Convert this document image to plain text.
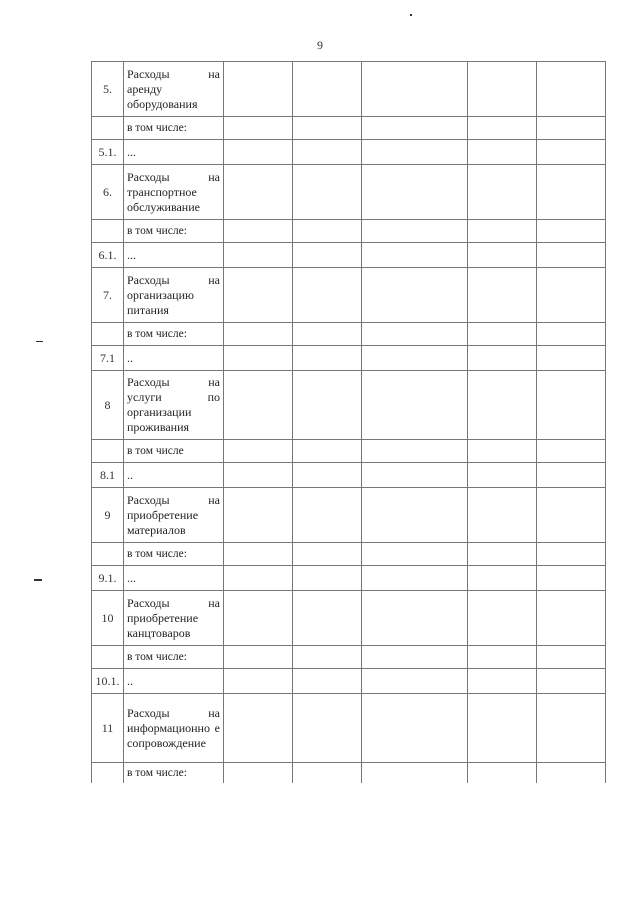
9
5.	Расходы на
аренду оборудования					

	в том числе:					
5.1.	...					
6.	Расходы на
транспортное обслуживание					

	в том числе:					
6.1.	...					
7.	Расходы на
организацию питания					

	в том числе:					
7.1	..					
8	Расходы на
услуги по
организации проживания					

	в том числе					
8.1	..					
9	Расходы на
приобретение материалов					

	в том числе:					
9.1.	...					
10	Расходы на
приобретение канцтоваров					

	в том числе:					
10.1.	..					
11	Расходы на
информационно е сопровождение					

	в том числе:					
